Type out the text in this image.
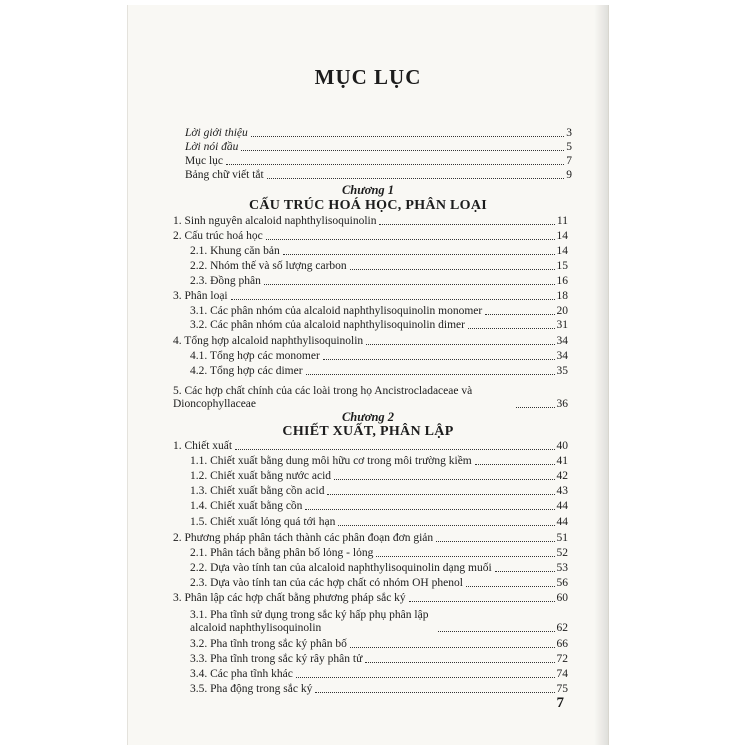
MỤC LỤC
Lời giới thiệu	3
Lời nói đầu	5
Mục lục	7
Bảng chữ viết tắt	9
Chương 1
CẤU TRÚC HOÁ HỌC, PHÂN LOẠI
1. Sinh nguyên alcaloid naphthylisoquinolin	11
2. Cấu trúc hoá học	14
2.1. Khung căn bản	14
2.2. Nhóm thế và số lượng carbon	15
2.3. Đồng phân	16
3. Phân loại	18
3.1. Các phân nhóm của alcaloid naphthylisoquinolin monomer	20
3.2. Các phân nhóm của alcaloid naphthylisoquinolin dimer	31
4. Tổng hợp alcaloid naphthylisoquinolin	34
4.1. Tổng hợp các monomer	34
4.2. Tổng hợp các dimer	35
5. Các hợp chất chính của các loài trong họ Ancistrocladaceae và Dioncophyllaceae	36
Chương 2
CHIẾT XUẤT, PHÂN LẬP
1. Chiết xuất	40
1.1. Chiết xuất bằng dung môi hữu cơ trong môi trường kiềm	41
1.2. Chiết xuất bằng nước acid	42
1.3. Chiết xuất bằng cồn acid	43
1.4. Chiết xuất bằng cồn	44
1.5. Chiết xuất lỏng quá tới hạn	44
2. Phương pháp phân tách thành các phân đoạn đơn giản	51
2.1. Phân tách bằng phân bố lỏng - lỏng	52
2.2. Dựa vào tính tan của alcaloid naphthylisoquinolin dạng muối	53
2.3. Dựa vào tính tan của các hợp chất có nhóm OH phenol	56
3. Phân lập các hợp chất bằng phương pháp sắc ký	60
3.1. Pha tĩnh sử dụng trong sắc ký hấp phụ phân lập alcaloid naphthylisoquinolin	62
3.2. Pha tĩnh trong sắc ký phân bố	66
3.3. Pha tĩnh trong sắc ký rây phân tử	72
3.4. Các pha tĩnh khác	74
3.5. Pha động trong sắc ký	75
7
